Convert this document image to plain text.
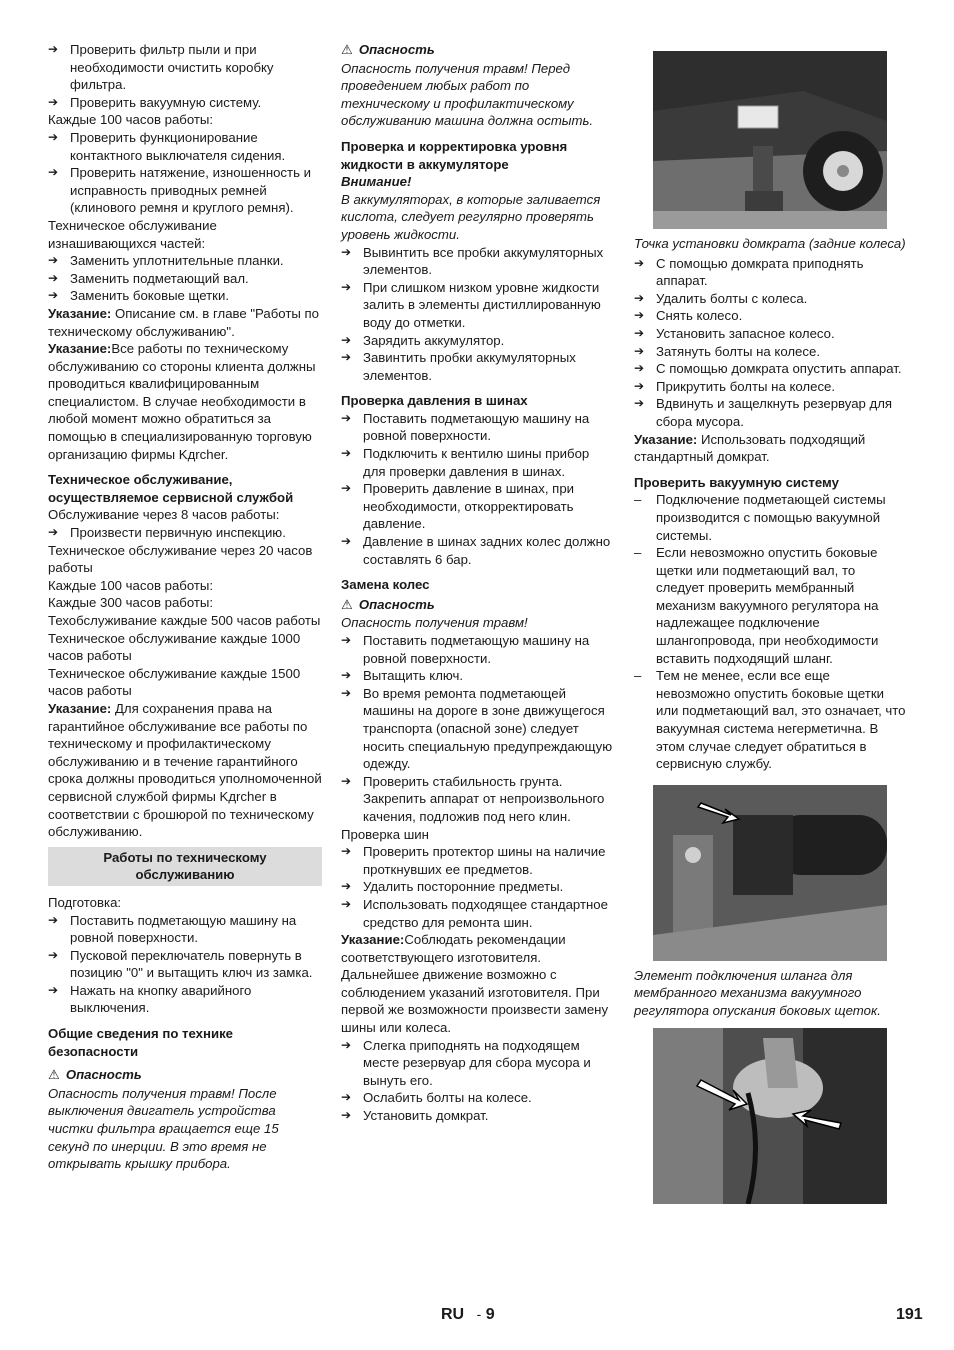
➔ Проверить фильтр пыли и при необходимости очистить коробку фильтра.

➔ Проверить вакуумную систему.

Каждые 100 часов работы:

➔ Проверить функционирование контактного выключателя сидения.

➔ Проверить натяжение, изношенность и исправность приводных ремней (клинового ремня и круглого ремня).

Техническое обслуживание изнашивающихся частей:

➔ Заменить уплотнительные планки.

➔ Заменить подметающий вал.

➔ Заменить боковые щетки.

Указание: Описание см. в главе "Работы по техническому обслуживанию".

Указание:Все работы по техническому обслуживанию со стороны клиента должны проводиться квалифицированным специалистом. В случае необходимости в любой момент можно обратиться за помощью в специализированную торговую организацию фирмы Kдrcher.

Техническое обслуживание, осуществляемое сервисной службой

Обслуживание через 8 часов работы:

➔ Произвести первичную инспекцию.

Техническое обслуживание через 20 часов работы

Каждые 100 часов работы:

Каждые 300 часов работы:

Техобслуживание каждые 500 часов работы

Техническое обслуживание каждые 1000 часов работы

Техническое обслуживание каждые 1500 часов работы

Указание: Для сохранения права на гарантийное обслуживание все работы по техническому и профилактическому обслуживанию и в течение гарантийного срока должны проводиться уполномоченной сервисной службой фирмы Kдrcher в соответствии с брошюрой по техническому обслуживанию.

Работы по техническому обслуживанию

Подготовка:

➔ Поставить подметающую машину на ровной поверхности.

➔ Пусковой переключатель повернуть в позицию "0" и вытащить ключ из замка.

➔ Нажать на кнопку аварийного выключения.

Общие сведения по технике безопасности

⚠ Опасность

Опасность получения травм! После выключения двигатель устройства чистки фильтра вращается еще 15 секунд по инерции. В это время не открывать крышку прибора.

⚠ Опасность

Опасность получения травм! Перед проведением любых работ по техническому и профилактическому обслуживанию машина должна остыть.

Проверка и корректировка уровня жидкости в аккумуляторе

Внимание!

В аккумуляторах, в которые заливается кислота, следует регулярно проверять уровень жидкости.

➔ Вывинтить все пробки аккумуляторных элементов.

➔ При слишком низком уровне жидкости залить в элементы дистиллированную воду до отметки.

➔ Зарядить аккумулятор.

➔ Завинтить пробки аккумуляторных элементов.

Проверка давления в шинах

➔ Поставить подметающую машину на ровной поверхности.

➔ Подключить к вентилю шины прибор для проверки давления в шинах.

➔ Проверить давление в шинах, при необходимости, откорректировать давление.

➔ Давление в шинах задних колес должно составлять 6 бар.

Замена колес

⚠ Опасность

Опасность получения травм!

➔ Поставить подметающую машину на ровной поверхности.

➔ Вытащить ключ.

➔ Во время ремонта подметающей машины на дороге в зоне движущегося транспорта (опасной зоне) следует носить специальную предупреждающую одежду.

➔ Проверить стабильность грунта. Закрепить аппарат от непроизвольного качения, подложив под него клин.

Проверка шин

➔ Проверить протектор шины на наличие проткнувших ее предметов.

➔ Удалить посторонние предметы.

➔ Использовать подходящее стандартное средство для ремонта шин.

Указание:Соблюдать рекомендации соответствующего изготовителя. Дальнейшее движение возможно с соблюдением указаний изготовителя. При первой же возможности произвести замену шины или колеса.

➔ Слегка приподнять на подходящем месте резервуар для сбора мусора и вынуть его.

➔ Ослабить болты на колесе.

➔ Установить домкрат.

Точка установки домкрата (задние колеса)

➔ С помощью домкрата приподнять аппарат.

➔ Удалить болты с колеса.

➔ Снять колесо.

➔ Установить запасное колесо.

➔ Затянуть болты на колесе.

➔ С помощью домкрата опустить аппарат.

➔ Прикрутить болты на колесе.

➔ Вдвинуть и защелкнуть резервуар для сбора мусора.

Указание: Использовать подходящий стандартный домкрат.

Проверить вакуумную систему

– Подключение подметающей системы производится с помощью вакуумной системы.

– Если невозможно опустить боковые щетки или подметающий вал, то следует проверить мембранный механизм вакуумного регулятора на надлежащее подключение шлангопровода, при необходимости вставить подходящий шланг.

– Тем не менее, если все еще невозможно опустить боковые щетки или подметающий вал, это означает, что вакуумная система негерметична. В этом случае следует обратиться в сервисную службу.

Элемент подключения шланга для мембранного механизма вакуумного регулятора опускания боковых щеток.

RU - 9	191
